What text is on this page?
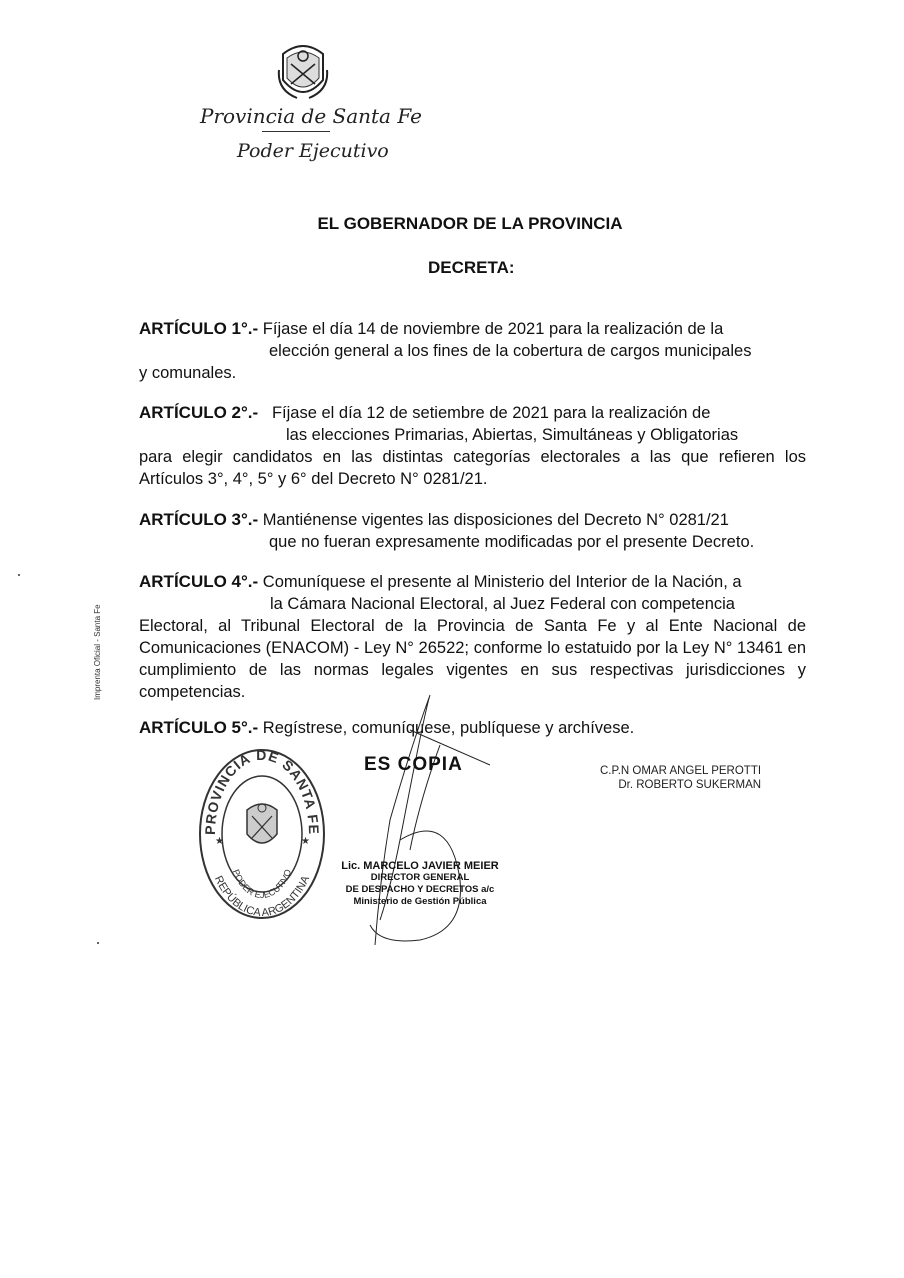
Provincia de Santa Fe
Poder Ejecutivo
EL GOBERNADOR DE LA PROVINCIA
DECRETA:

ARTÍCULO 1°.- Fíjase el día 14 de noviembre de 2021 para la realización de la

elección general a los fines de la cobertura de cargos municipales

y comunales.

ARTÍCULO 2°.- Fíjase el día 12 de setiembre de 2021 para la realización de

las elecciones Primarias, Abiertas, Simultáneas y Obligatorias

para elegir candidatos en las distintas categorías electorales a las que refieren los Artículos 3°, 4°, 5° y 6° del Decreto N° 0281/21.

ARTÍCULO 3°.- Mantiénense vigentes las disposiciones del Decreto N° 0281/21

que no fueran expresamente modificadas por el presente Decreto.

ARTÍCULO 4°.- Comuníquese el presente al Ministerio del Interior de la Nación, a

la Cámara Nacional Electoral, al Juez Federal con competencia

Electoral, al Tribunal Electoral de la Provincia de Santa Fe y al Ente Nacional de Comunicaciones (ENACOM) - Ley N° 26522; conforme lo estatuido por la Ley N° 13461 en cumplimiento de las normas legales vigentes en sus respectivas jurisdicciones y competencias.

ARTÍCULO 5°.- Regístrese, comuníquese, publíquese y archívese.

Imprenta Oficial - Santa Fe
PROVINCIA DE SANTA FE
REPÚBLICA ARGENTINA
PODER EJECUTIVO
★	★
ES COPIA
Lic. MARCELO JAVIER MEIER
DIRECTOR GENERAL
DE DESPACHO Y DECRETOS a/c
Ministerio de Gestión Pública
C.P.N OMAR ANGEL PEROTTI
Dr. ROBERTO SUKERMAN
